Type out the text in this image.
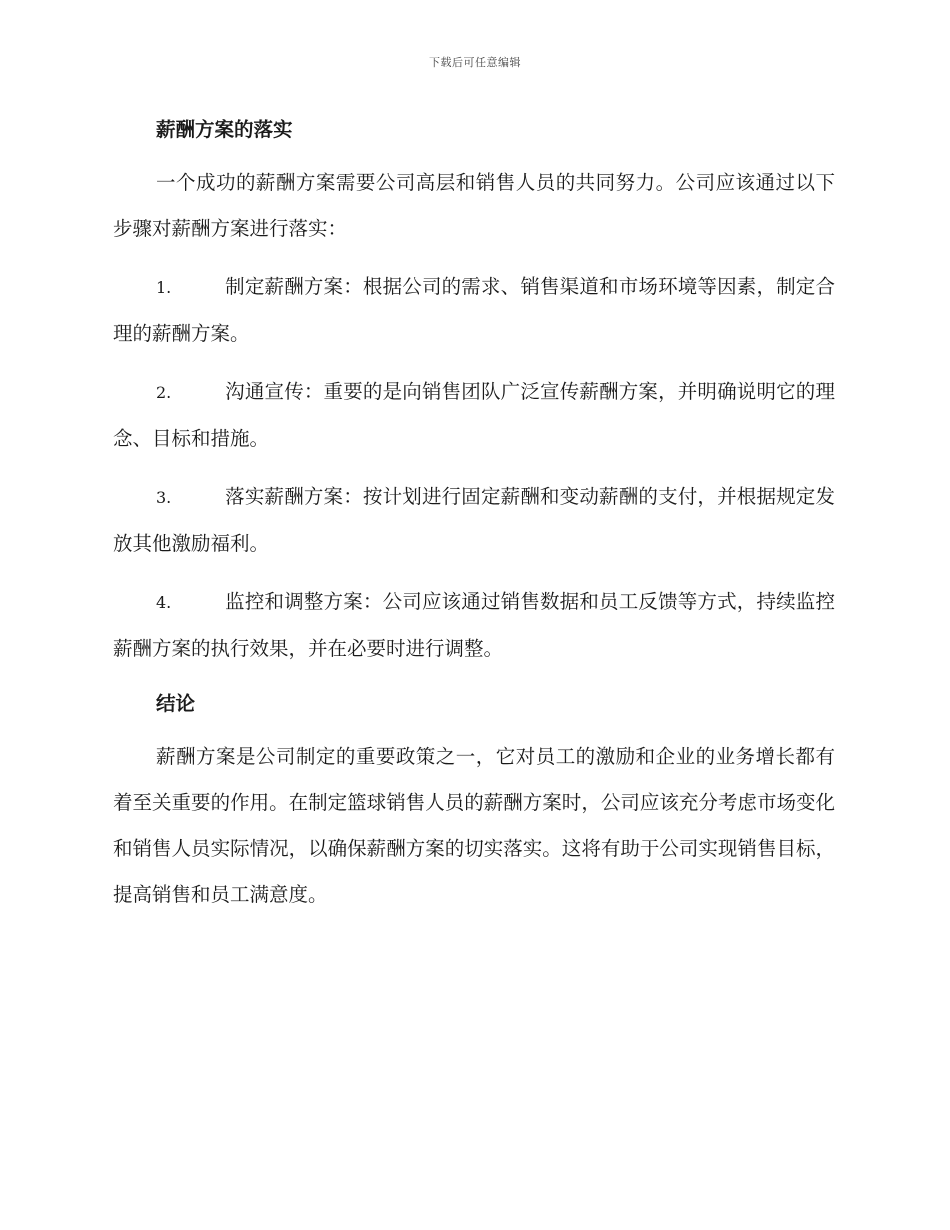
下载后可任意编辑
薪酬方案的落实

一个成功的薪酬方案需要公司高层和销售人员的共同努力。公司应该通过以下步骤对薪酬方案进行落实：

1.	制定薪酬方案：根据公司的需求、销售渠道和市场环境等因素，制定合理的薪酬方案。
2.	沟通宣传：重要的是向销售团队广泛宣传薪酬方案，并明确说明它的理念、目标和措施。
3.	落实薪酬方案：按计划进行固定薪酬和变动薪酬的支付，并根据规定发放其他激励福利。
4.	监控和调整方案：公司应该通过销售数据和员工反馈等方式，持续监控薪酬方案的执行效果，并在必要时进行调整。
结论

薪酬方案是公司制定的重要政策之一，它对员工的激励和企业的业务增长都有着至关重要的作用。在制定篮球销售人员的薪酬方案时，公司应该充分考虑市场变化和销售人员实际情况，以确保薪酬方案的切实落实。这将有助于公司实现销售目标，提高销售和员工满意度。
